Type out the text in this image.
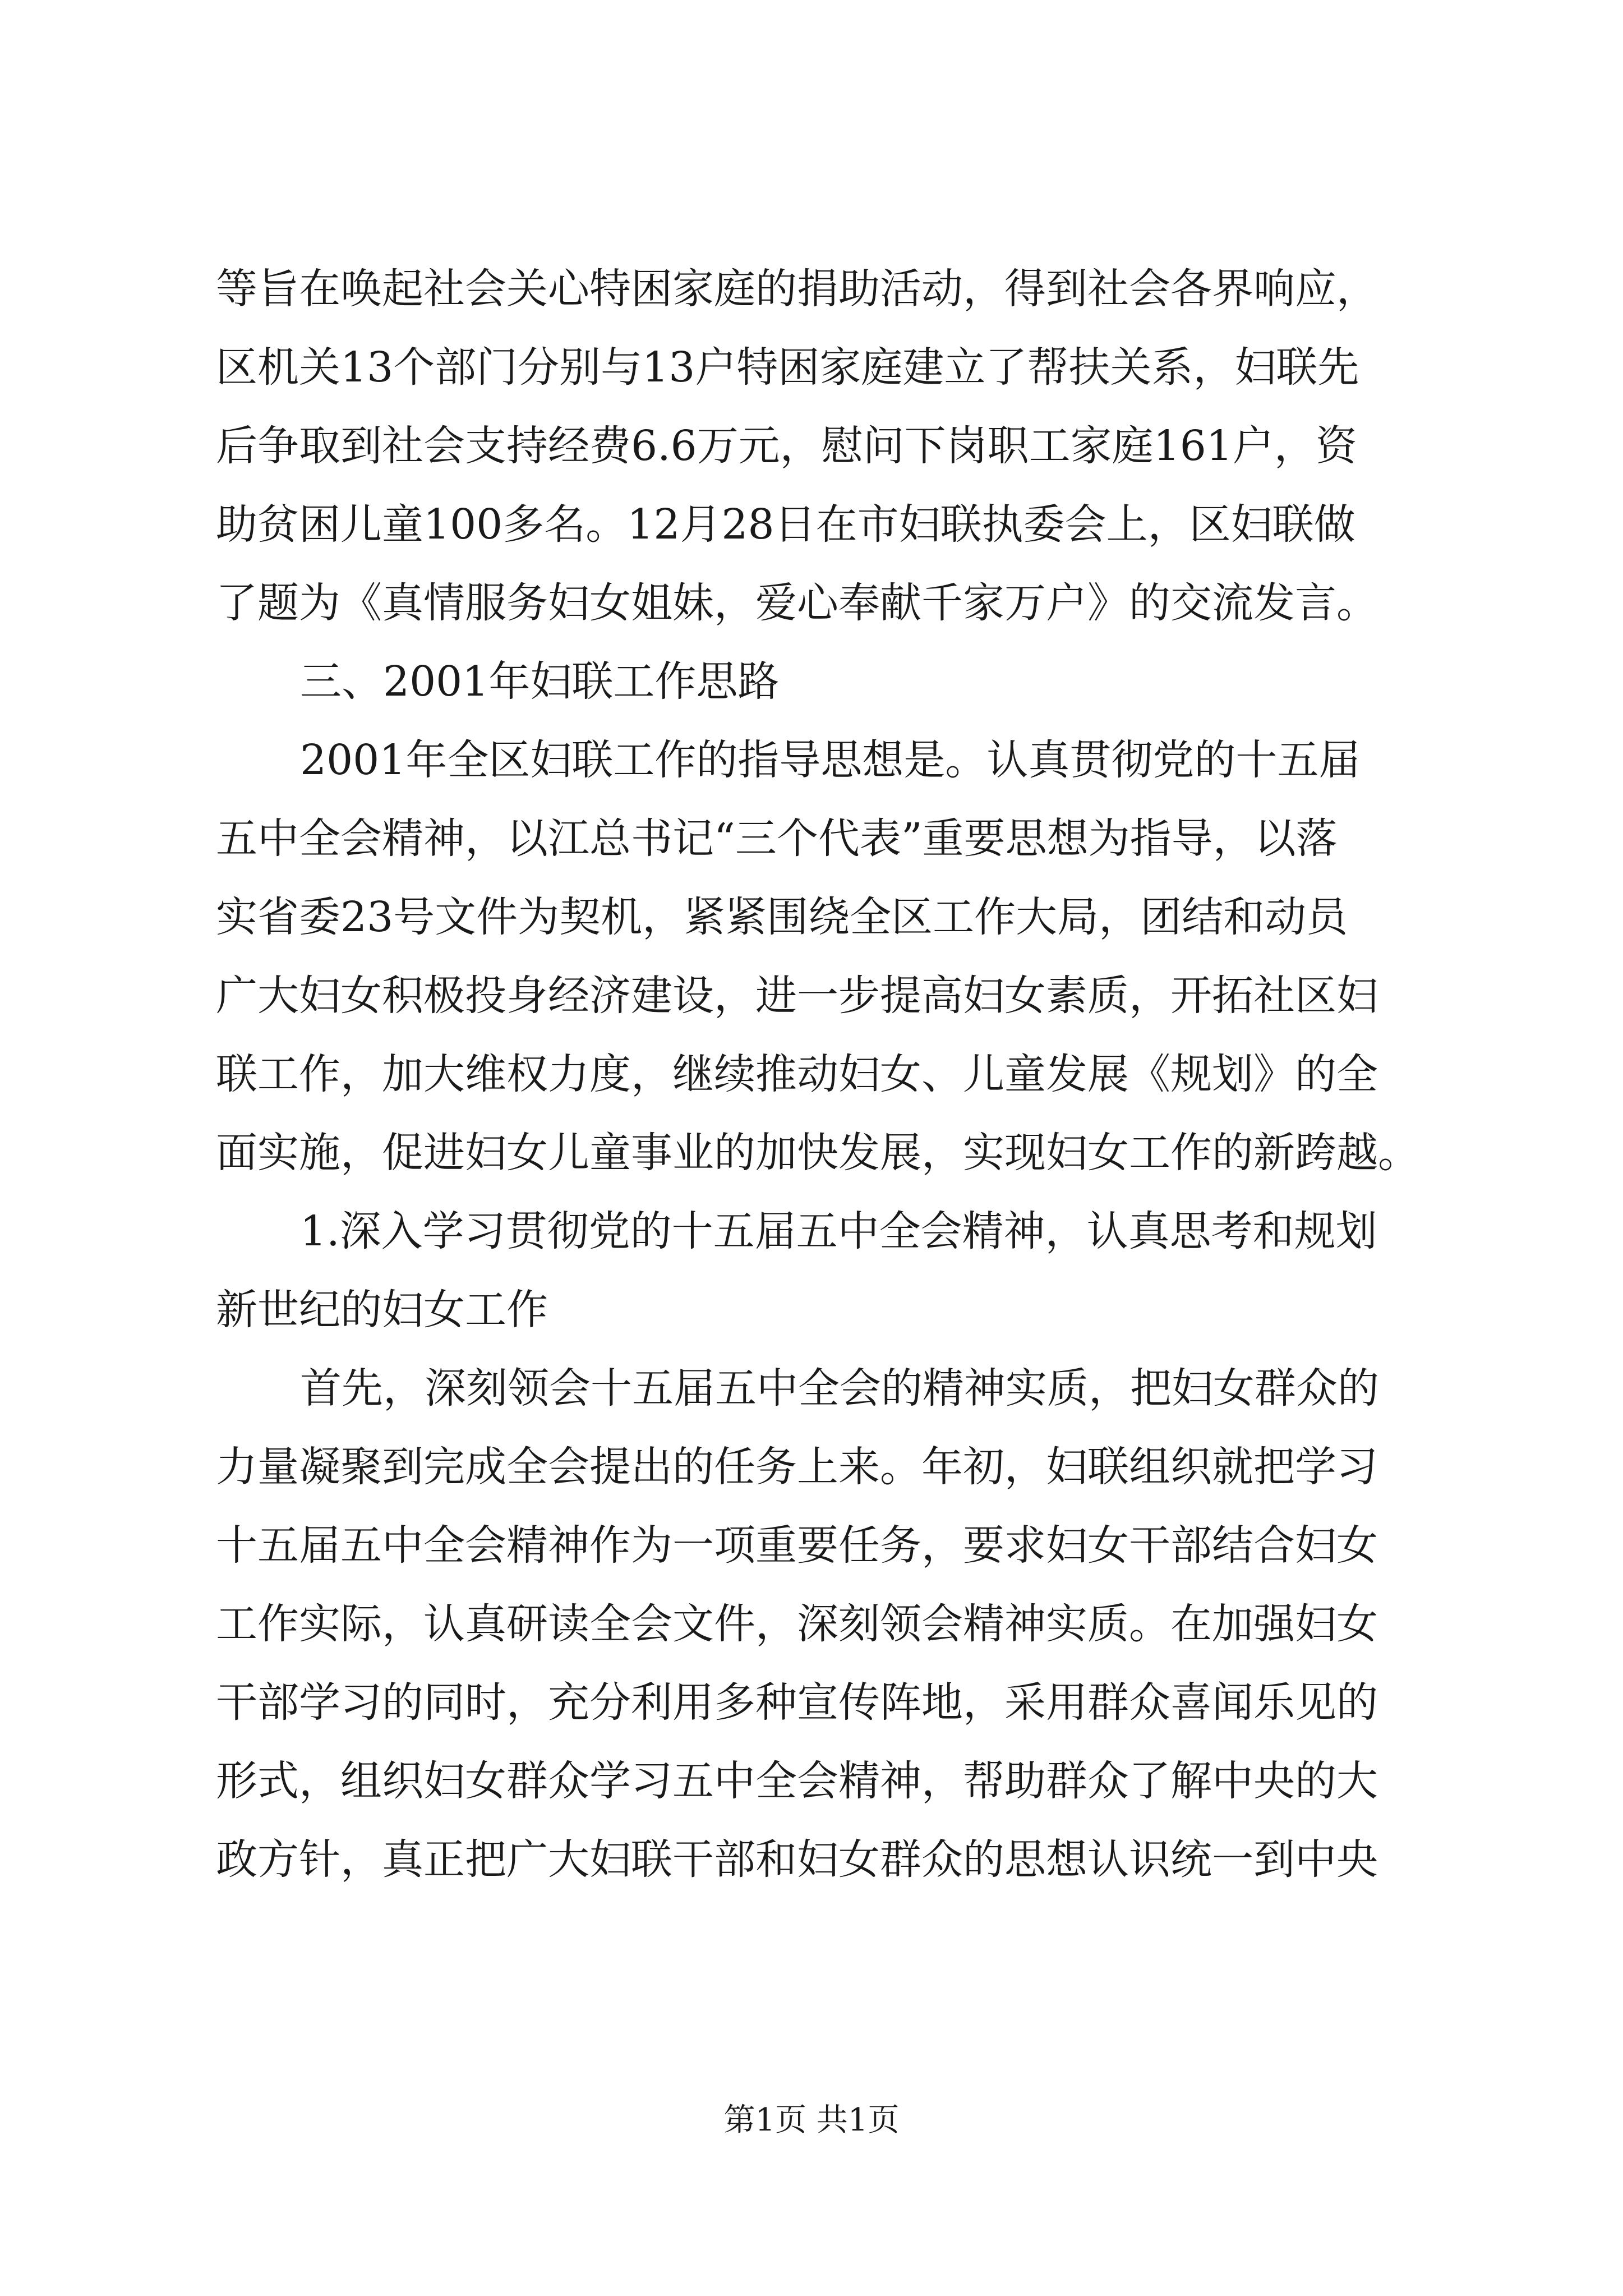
等旨在唤起社会关心特困家庭的捐助活动，得到社会各界响应，
区机关13个部门分别与13户特困家庭建立了帮扶关系，妇联先
后争取到社会支持经费6.6万元，慰问下岗职工家庭161户，资
助贫困儿童100多名。12月28日在市妇联执委会上，区妇联做
了题为《真情服务妇女姐妹，爱心奉献千家万户》的交流发言。
三、2001年妇联工作思路
2001年全区妇联工作的指导思想是。认真贯彻党的十五届
五中全会精神，以江总书记“三个代表”重要思想为指导，以落
实省委23号文件为契机，紧紧围绕全区工作大局，团结和动员
广大妇女积极投身经济建设，进一步提高妇女素质，开拓社区妇
联工作，加大维权力度，继续推动妇女、儿童发展《规划》的全
面实施，促进妇女儿童事业的加快发展，实现妇女工作的新跨越。
1.深入学习贯彻党的十五届五中全会精神，认真思考和规划
新世纪的妇女工作
首先，深刻领会十五届五中全会的精神实质，把妇女群众的
力量凝聚到完成全会提出的任务上来。年初，妇联组织就把学习
十五届五中全会精神作为一项重要任务，要求妇女干部结合妇女
工作实际，认真研读全会文件，深刻领会精神实质。在加强妇女
干部学习的同时，充分利用多种宣传阵地，采用群众喜闻乐见的
形式，组织妇女群众学习五中全会精神，帮助群众了解中央的大
政方针，真正把广大妇联干部和妇女群众的思想认识统一到中央
第1页 共1页
